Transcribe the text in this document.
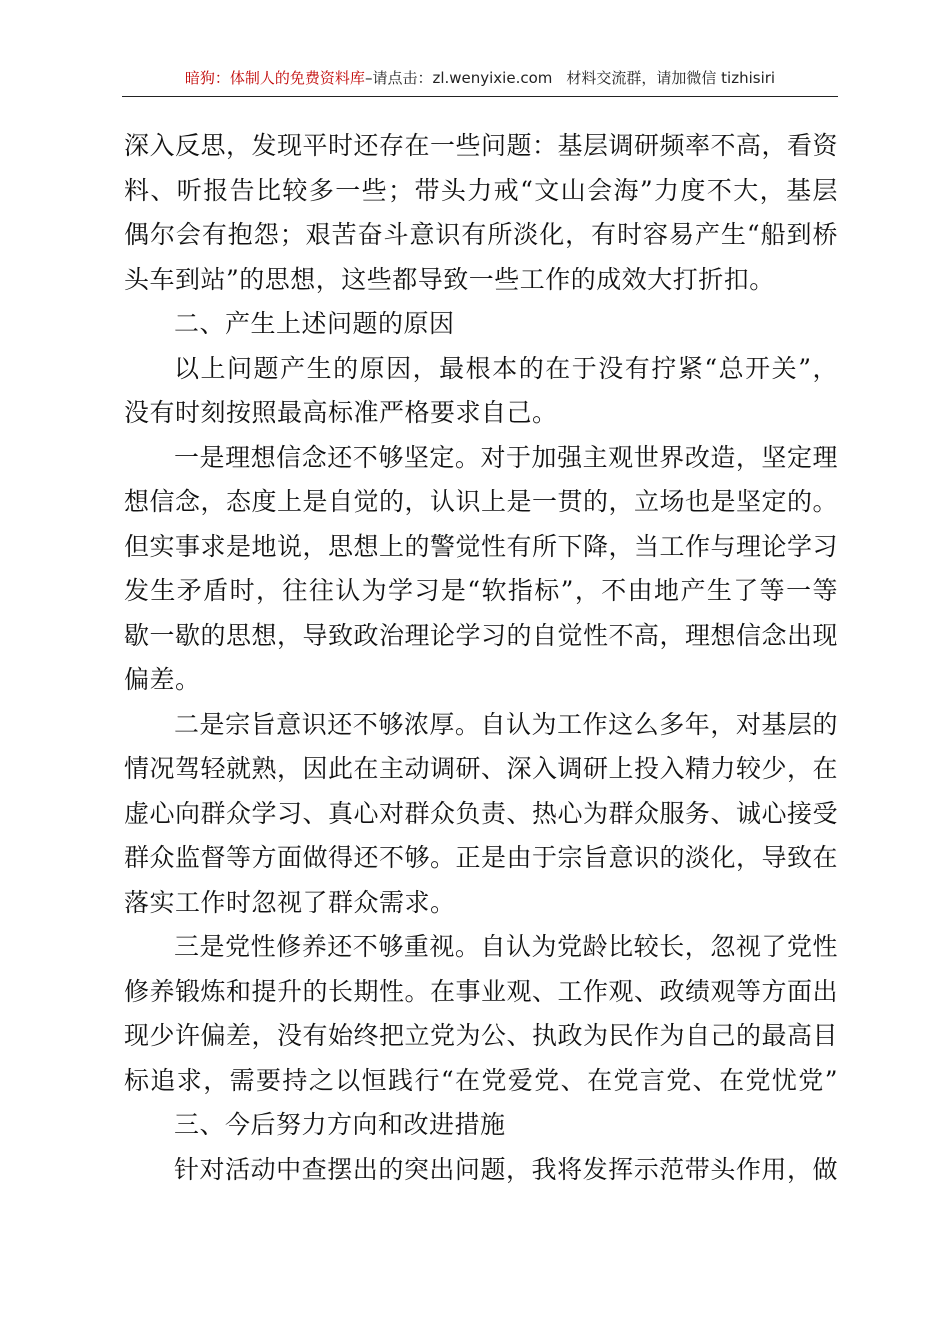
暗狗：体制人的免费资料库–请点击：zl.wenyixie.com 材料交流群，请加微信 tizhisiri
深入反思，发现平时还存在一些问题：基层调研频率不高，看资
料、听报告比较多一些；带头力戒“文山会海”力度不大，基层
偶尔会有抱怨；艰苦奋斗意识有所淡化，有时容易产生“船到桥
头车到站”的思想，这些都导致一些工作的成效大打折扣。
二、产生上述问题的原因
以上问题产生的原因，最根本的在于没有拧紧“总开关”，
没有时刻按照最高标准严格要求自己。
一是理想信念还不够坚定。对于加强主观世界改造，坚定理
想信念，态度上是自觉的，认识上是一贯的，立场也是坚定的。
但实事求是地说，思想上的警觉性有所下降，当工作与理论学习
发生矛盾时，往往认为学习是“软指标”，不由地产生了等一等
歇一歇的思想，导致政治理论学习的自觉性不高，理想信念出现
偏差。
二是宗旨意识还不够浓厚。自认为工作这么多年，对基层的
情况驾轻就熟，因此在主动调研、深入调研上投入精力较少，在
虚心向群众学习、真心对群众负责、热心为群众服务、诚心接受
群众监督等方面做得还不够。正是由于宗旨意识的淡化，导致在
落实工作时忽视了群众需求。
三是党性修养还不够重视。自认为党龄比较长，忽视了党性
修养锻炼和提升的长期性。在事业观、工作观、政绩观等方面出
现少许偏差，没有始终把立党为公、执政为民作为自己的最高目
标追求，需要持之以恒践行“在党爱党、在党言党、在党忧党”
三、今后努力方向和改进措施
针对活动中查摆出的突出问题，我将发挥示范带头作用，做
